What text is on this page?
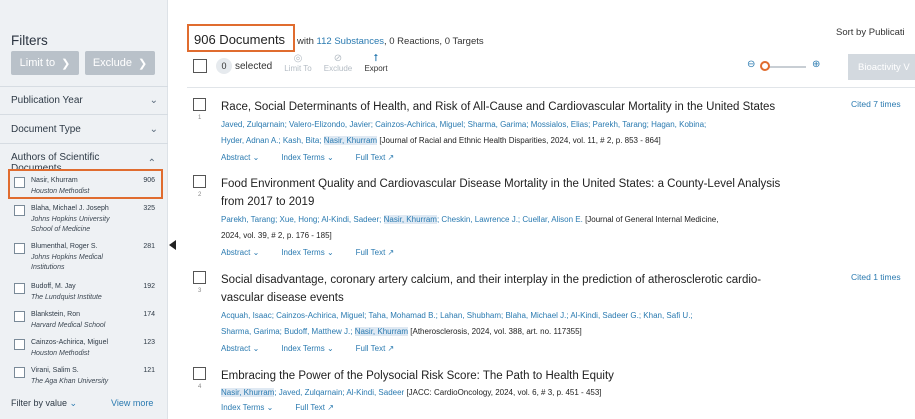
Filters
Limit to ❯ Exclude ❯
Publication Year	⌄
Document Type	⌄
Authors of Scientific Documents	⌃
Nasir, Khurram
Houston Methodist
906
Blaha, Michael J. Joseph
Johns Hopkins University School of Medicine
325
Blumenthal, Roger S.
Johns Hopkins Medical Institutions
281
Budoff, M. Jay
The Lundquist Institute
192
Blankstein, Ron
Harvard Medical School
174
Cainzos-Achirica, Miguel
Houston Methodist
123
Virani, Salim S.
The Aga Khan University
121
Filter by value ⌄	View more
906 Documents with 112 Substances, 0 Reactions, 0 Targets
Sort by Publicati
0 selected
◎
Limit To
⊘
Exclude
⭡
Export	⊖	⊕	Bioactivity V
1
Race, Social Determinants of Health, and Risk of All-Cause and Cardiovascular Mortality in the United States
Javed, Zulqarnain; Valero-Elizondo, Javier; Cainzos-Achirica, Miguel; Sharma, Garima; Mossialos, Elias; Parekh, Tarang; Hagan, Kobina;
Hyder, Adnan A.; Kash, Bita; Nasir, Khurram [Journal of Racial and Ethnic Health Disparities, 2024, vol. 11, # 2, p. 853 - 864]
Abstract ⌄	Index Terms ⌄	Full Text ↗
Cited 7 times
2
Food Environment Quality and Cardiovascular Disease Mortality in the United States: a County-Level Analysis from 2017 to 2019
Parekh, Tarang; Xue, Hong; Al-Kindi, Sadeer; Nasir, Khurram; Cheskin, Lawrence J.; Cuellar, Alison E. [Journal of General Internal Medicine,
2024, vol. 39, # 2, p. 176 - 185]
Abstract ⌄	Index Terms ⌄	Full Text ↗
3
Social disadvantage, coronary artery calcium, and their interplay in the prediction of atherosclerotic cardio-vascular disease events
Acquah, Isaac; Cainzos-Achirica, Miguel; Taha, Mohamad B.; Lahan, Shubham; Blaha, Michael J.; Al-Kindi, Sadeer G.; Khan, Safi U.;
Sharma, Garima; Budoff, Matthew J.; Nasir, Khurram [Atherosclerosis, 2024, vol. 388, art. no. 117355]
Abstract ⌄	Index Terms ⌄	Full Text ↗
Cited 1 times
4
Embracing the Power of the Polysocial Risk Score: The Path to Health Equity
Nasir, Khurram; Javed, Zulqarnain; Al-Kindi, Sadeer [JACC: CardioOncology, 2024, vol. 6, # 3, p. 451 - 453]
Index Terms ⌄	Full Text ↗
